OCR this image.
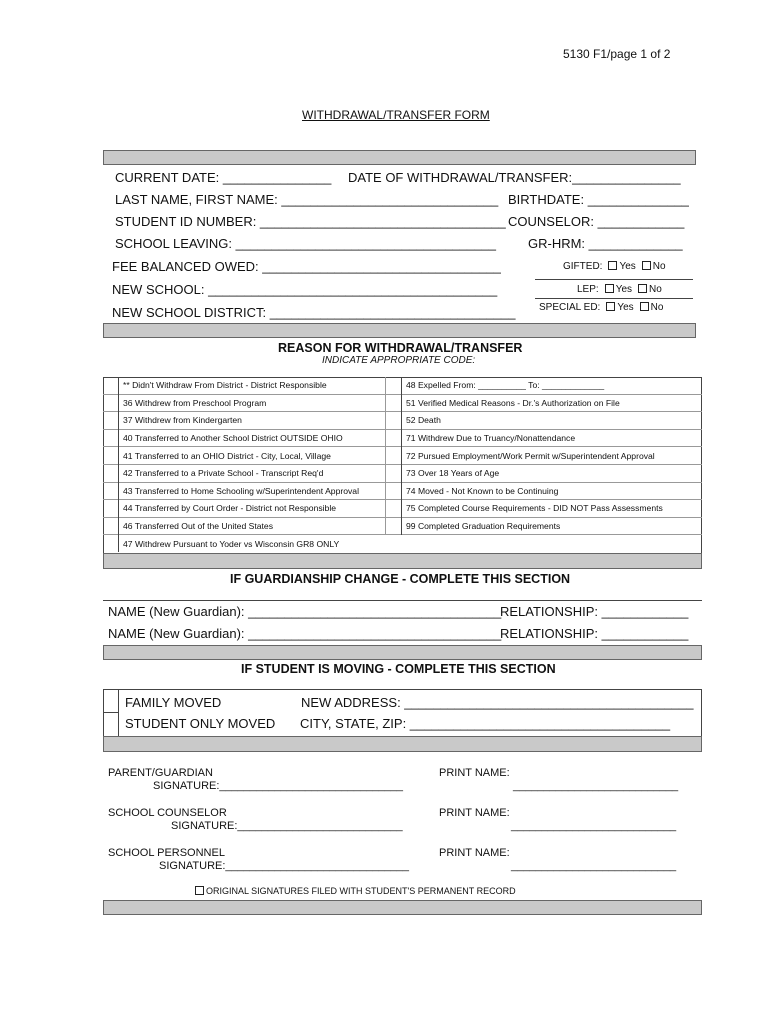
5130 F1/page 1 of 2
WITHDRAWAL/TRANSFER FORM
CURRENT DATE: _______________ DATE OF WITHDRAWAL/TRANSFER:_______________
LAST NAME, FIRST NAME: ______________________________ BIRTHDATE: ______________
STUDENT ID NUMBER: __________________________________ COUNSELOR: ____________
SCHOOL LEAVING: ____________________________________ GR-HRM: _____________
FEE BALANCED OWED: _________________________________	GIFTED: Yes No
NEW SCHOOL: ________________________________________	LEP: Yes No
NEW SCHOOL DISTRICT: __________________________________ SPECIAL ED: Yes No
REASON FOR WITHDRAWAL/TRANSFER
INDICATE APPROPRIATE CODE:
	** Didn't Withdraw From District - District Responsible		48 Expelled From: __________ To: _____________
	36 Withdrew from Preschool Program		51 Verified Medical Reasons - Dr.'s Authorization on File
	37 Withdrew from Kindergarten		52 Death
	40 Transferred to Another School District OUTSIDE OHIO		71 Withdrew Due to Truancy/Nonattendance
	41 Transferred to an OHIO District - City, Local, Village		72 Pursued Employment/Work Permit w/Superintendent Approval
	42 Transferred to a Private School - Transcript Req'd		73 Over 18 Years of Age
	43 Transferred to Home Schooling w/Superintendent Approval		74 Moved - Not Known to be Continuing
	44 Transferred by Court Order - District not Responsible		75 Completed Course Requirements - DID NOT Pass Assessments
	46 Transferred Out of the United States		99 Completed Graduation Requirements
	47 Withdrew Pursuant to Yoder vs Wisconsin GR8 ONLY		
IF GUARDIANSHIP CHANGE - COMPLETE THIS SECTION
NAME (New Guardian): ___________________________________
RELATIONSHIP: ____________
NAME (New Guardian): ___________________________________
RELATIONSHIP: ____________
IF STUDENT IS MOVING - COMPLETE THIS SECTION
FAMILY MOVED	NEW ADDRESS: ________________________________________
STUDENT ONLY MOVED CITY, STATE, ZIP: ____________________________________
PARENT/GUARDIAN
SIGNATURE:______________________________
PRINT NAME:
___________________________
SCHOOL COUNSELOR
SIGNATURE:___________________________
PRINT NAME:
___________________________
SCHOOL PERSONNEL
SIGNATURE:______________________________
PRINT NAME:
___________________________
ORIGINAL SIGNATURES FILED WITH STUDENT'S PERMANENT RECORD
